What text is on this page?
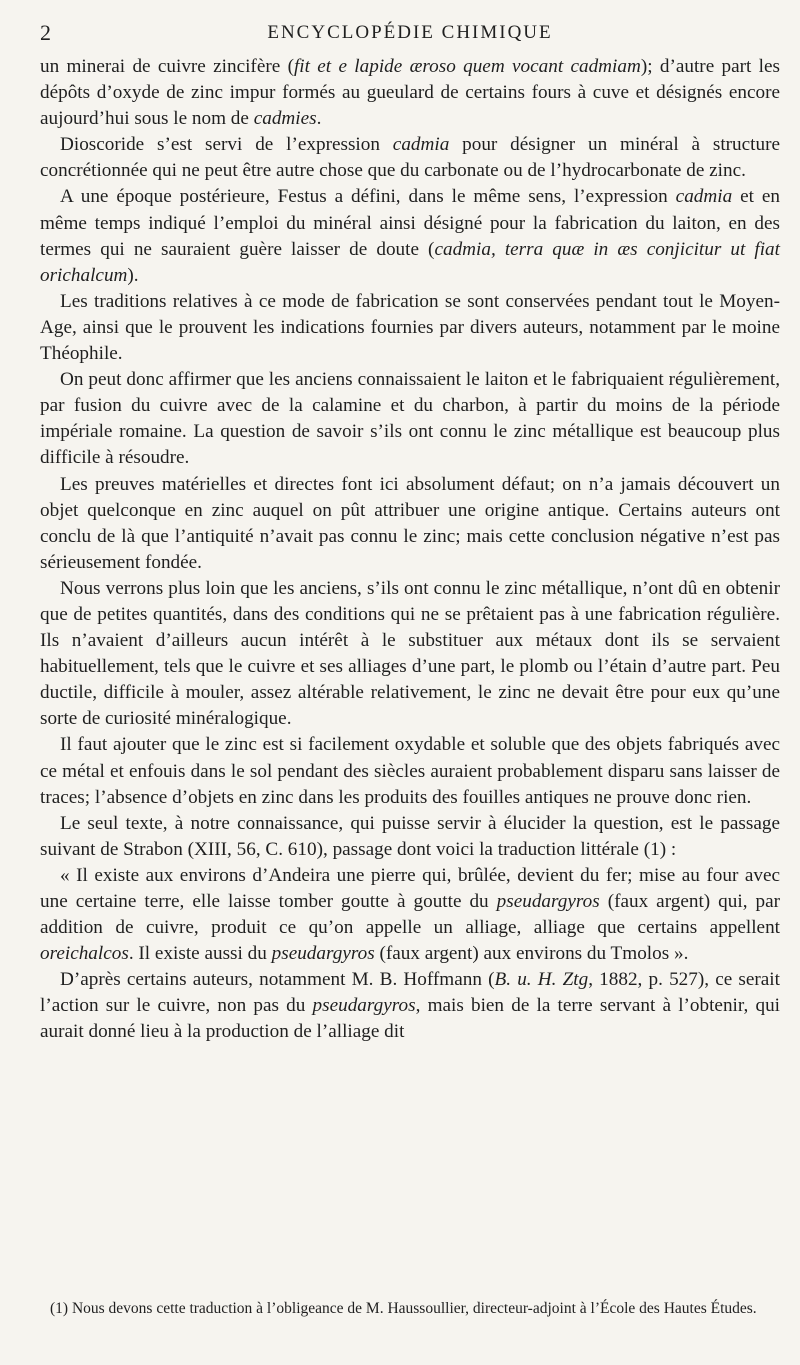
2	ENCYCLOPÉDIE CHIMIQUE

un minerai de cuivre zincifère (fit et e lapide æroso quem vocant cadmiam); d’autre part les dépôts d’oxyde de zinc impur formés au gueulard de certains fours à cuve et désignés encore aujourd’hui sous le nom de cadmies.

Dioscoride s’est servi de l’expression cadmia pour désigner un minéral à structure concrétionnée qui ne peut être autre chose que du carbonate ou de l’hydrocarbonate de zinc.

A une époque postérieure, Festus a défini, dans le même sens, l’expression cadmia et en même temps indiqué l’emploi du minéral ainsi désigné pour la fabrication du laiton, en des termes qui ne sauraient guère laisser de doute (cadmia, terra quæ in æs conjicitur ut fiat orichalcum).

Les traditions relatives à ce mode de fabrication se sont conservées pendant tout le Moyen-Age, ainsi que le prouvent les indications fournies par divers auteurs, notamment par le moine Théophile.

On peut donc affirmer que les anciens connaissaient le laiton et le fabriquaient régulièrement, par fusion du cuivre avec de la calamine et du charbon, à partir du moins de la période impériale romaine. La question de savoir s’ils ont connu le zinc métallique est beaucoup plus difficile à résoudre.

Les preuves matérielles et directes font ici absolument défaut; on n’a jamais découvert un objet quelconque en zinc auquel on pût attribuer une origine antique. Certains auteurs ont conclu de là que l’antiquité n’avait pas connu le zinc; mais cette conclusion négative n’est pas sérieusement fondée.

Nous verrons plus loin que les anciens, s’ils ont connu le zinc métallique, n’ont dû en obtenir que de petites quantités, dans des conditions qui ne se prêtaient pas à une fabrication régulière. Ils n’avaient d’ailleurs aucun intérêt à le substituer aux métaux dont ils se servaient habituellement, tels que le cuivre et ses alliages d’une part, le plomb ou l’étain d’autre part. Peu ductile, difficile à mouler, assez altérable relativement, le zinc ne devait être pour eux qu’une sorte de curiosité minéralogique.

Il faut ajouter que le zinc est si facilement oxydable et soluble que des objets fabriqués avec ce métal et enfouis dans le sol pendant des siècles auraient probablement disparu sans laisser de traces; l’absence d’objets en zinc dans les produits des fouilles antiques ne prouve donc rien.

Le seul texte, à notre connaissance, qui puisse servir à élucider la question, est le passage suivant de Strabon (XIII, 56, C. 610), passage dont voici la traduction littérale (1) :

« Il existe aux environs d’Andeira une pierre qui, brûlée, devient du fer; mise au four avec une certaine terre, elle laisse tomber goutte à goutte du pseudargyros (faux argent) qui, par addition de cuivre, produit ce qu’on appelle un alliage, alliage que certains appellent oreichalcos. Il existe aussi du pseudargyros (faux argent) aux environs du Tmolos ».

D’après certains auteurs, notamment M. B. Hoffmann (B. u. H. Ztg, 1882, p. 527), ce serait l’action sur le cuivre, non pas du pseudargyros, mais bien de la terre servant à l’obtenir, qui aurait donné lieu à la production de l’alliage dit

(1) Nous devons cette traduction à l’obligeance de M. Haussoullier, directeur-adjoint à l’École des Hautes Études.
